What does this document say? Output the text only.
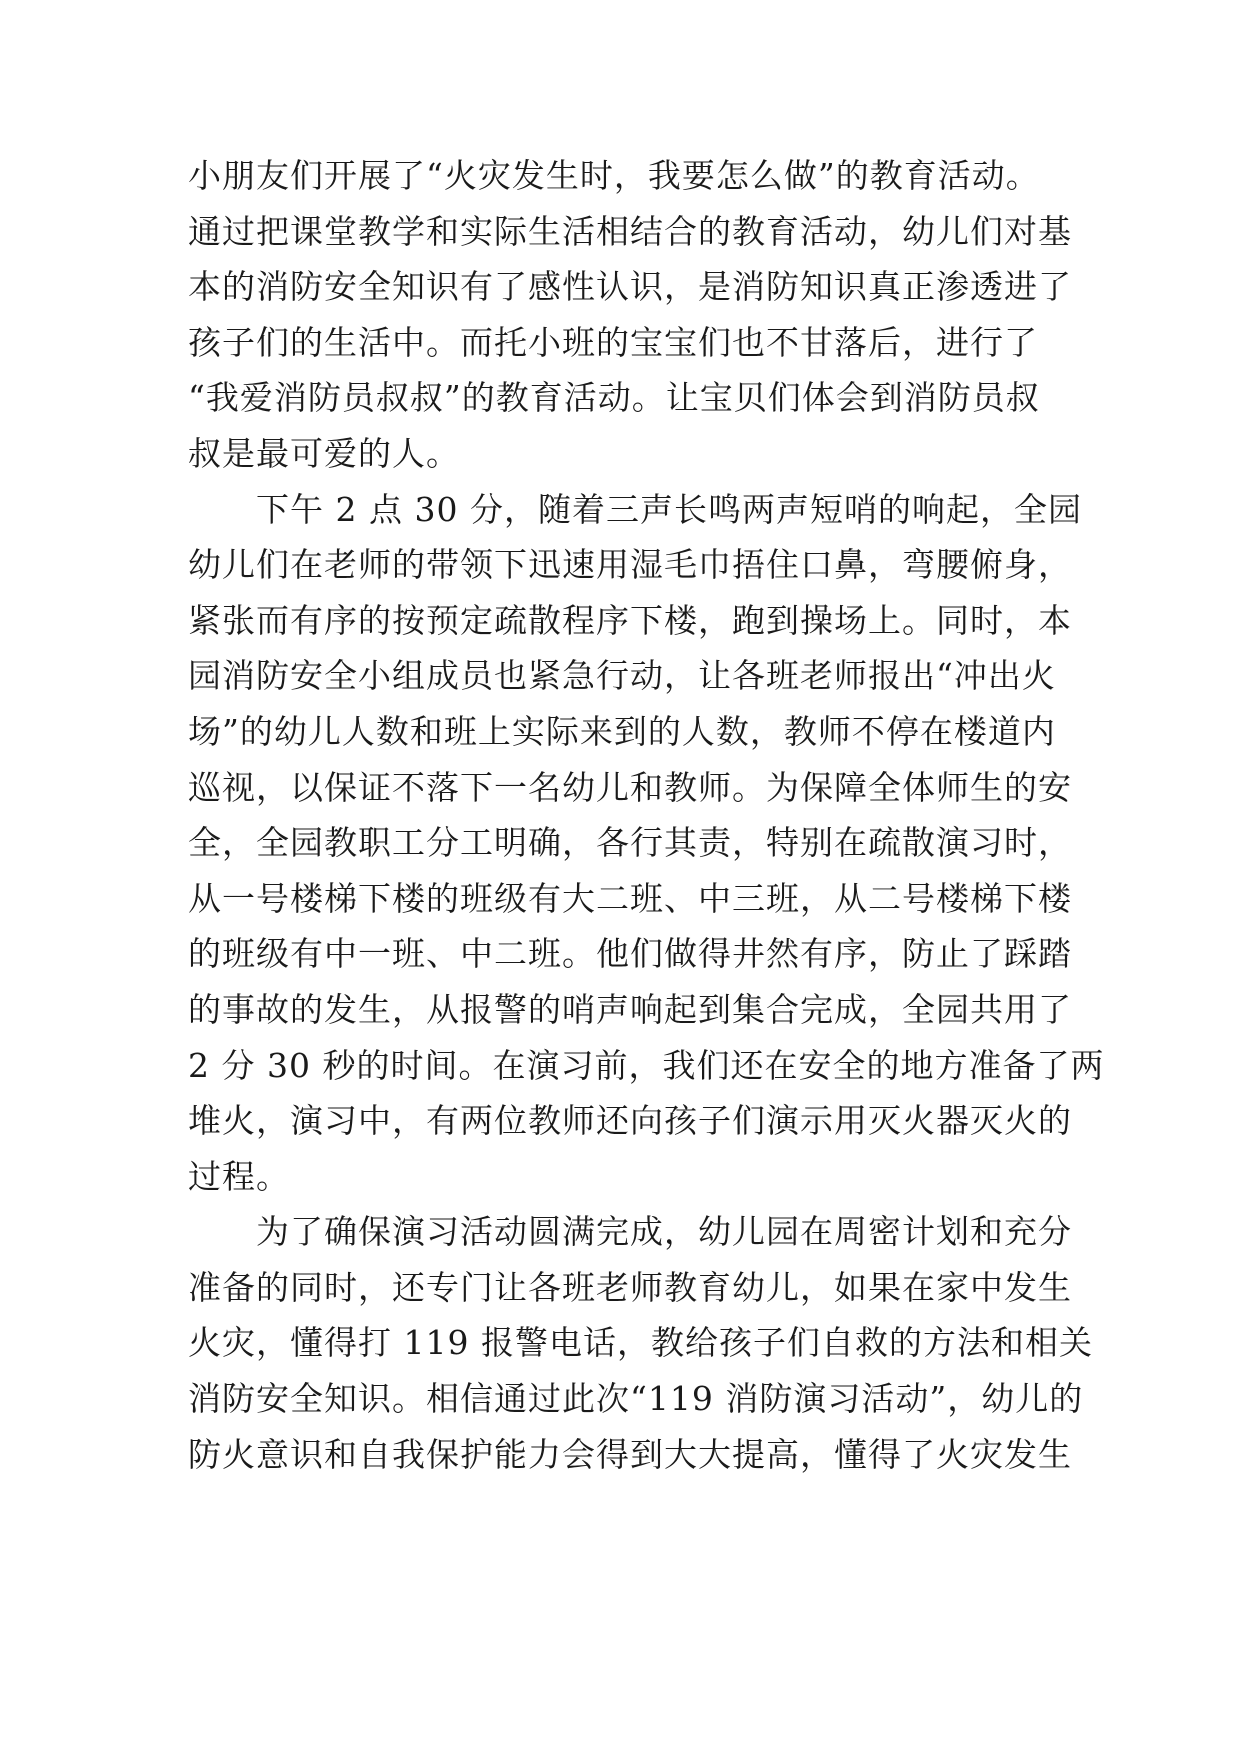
小朋友们开展了“火灾发生时，我要怎么做”的教育活动。
通过把课堂教学和实际生活相结合的教育活动，幼儿们对基
本的消防安全知识有了感性认识，是消防知识真正渗透进了
孩子们的生活中。而托小班的宝宝们也不甘落后，进行了
“我爱消防员叔叔”的教育活动。让宝贝们体会到消防员叔
叔是最可爱的人。
　　下午 2 点 30 分，随着三声长鸣两声短哨的响起，全园
幼儿们在老师的带领下迅速用湿毛巾捂住口鼻，弯腰俯身，
紧张而有序的按预定疏散程序下楼，跑到操场上。同时，本
园消防安全小组成员也紧急行动，让各班老师报出“冲出火
场”的幼儿人数和班上实际来到的人数，教师不停在楼道内
巡视，以保证不落下一名幼儿和教师。为保障全体师生的安
全，全园教职工分工明确，各行其责，特别在疏散演习时，
从一号楼梯下楼的班级有大二班、中三班，从二号楼梯下楼
的班级有中一班、中二班。他们做得井然有序，防止了踩踏
的事故的发生，从报警的哨声响起到集合完成，全园共用了
2 分 30 秒的时间。在演习前，我们还在安全的地方准备了两
堆火，演习中，有两位教师还向孩子们演示用灭火器灭火的
过程。
　　为了确保演习活动圆满完成，幼儿园在周密计划和充分
准备的同时，还专门让各班老师教育幼儿，如果在家中发生
火灾，懂得打 119 报警电话，教给孩子们自救的方法和相关
消防安全知识。相信通过此次“119 消防演习活动”，幼儿的
防火意识和自我保护能力会得到大大提高，懂得了火灾发生
